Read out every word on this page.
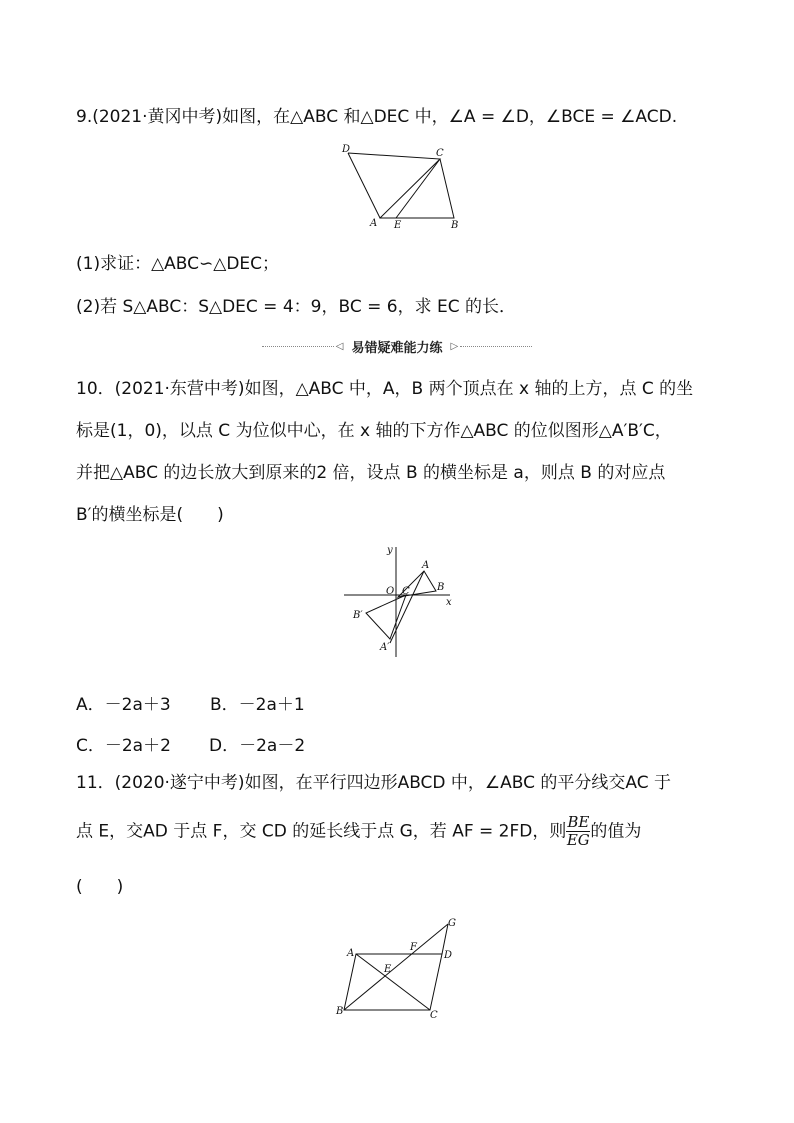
9.(2021·黄冈中考)如图，在△ABC 和△DEC 中，∠A = ∠D，∠BCE = ∠ACD.
D	C
A E	B
(1)求证：△ABC∽△DEC；
(2)若 S△ABC：S△DEC = 4：9，BC = 6，求 EC 的长．
◁ 易错疑难能力练 ▷
10．(2021·东营中考)如图，△ABC 中，A，B 两个顶点在 x 轴的上方，点 C 的坐
标是(1，0)，以点 C 为位似中心，在 x 轴的下方作△ABC 的位似图形△A′B′C，
并把△ABC 的边长放大到原来的2 倍，设点 B 的横坐标是 a，则点 B 的对应点
B′的横坐标是(　　)
y
x
O C
A
B
B′
A′
A．－2a＋3 B．－2a＋1
C．－2a＋2 D．－2a－2
11．(2020·遂宁中考)如图，在平行四边形ABCD 中，∠ABC 的平分线交AC 于
点 E，交AD 于点 F，交 CD 的延长线于点 G，若 AF = 2FD，则 $\frac{BE}{EG}$ 的值为
(　　)
G
A
F
D
E
B	C
